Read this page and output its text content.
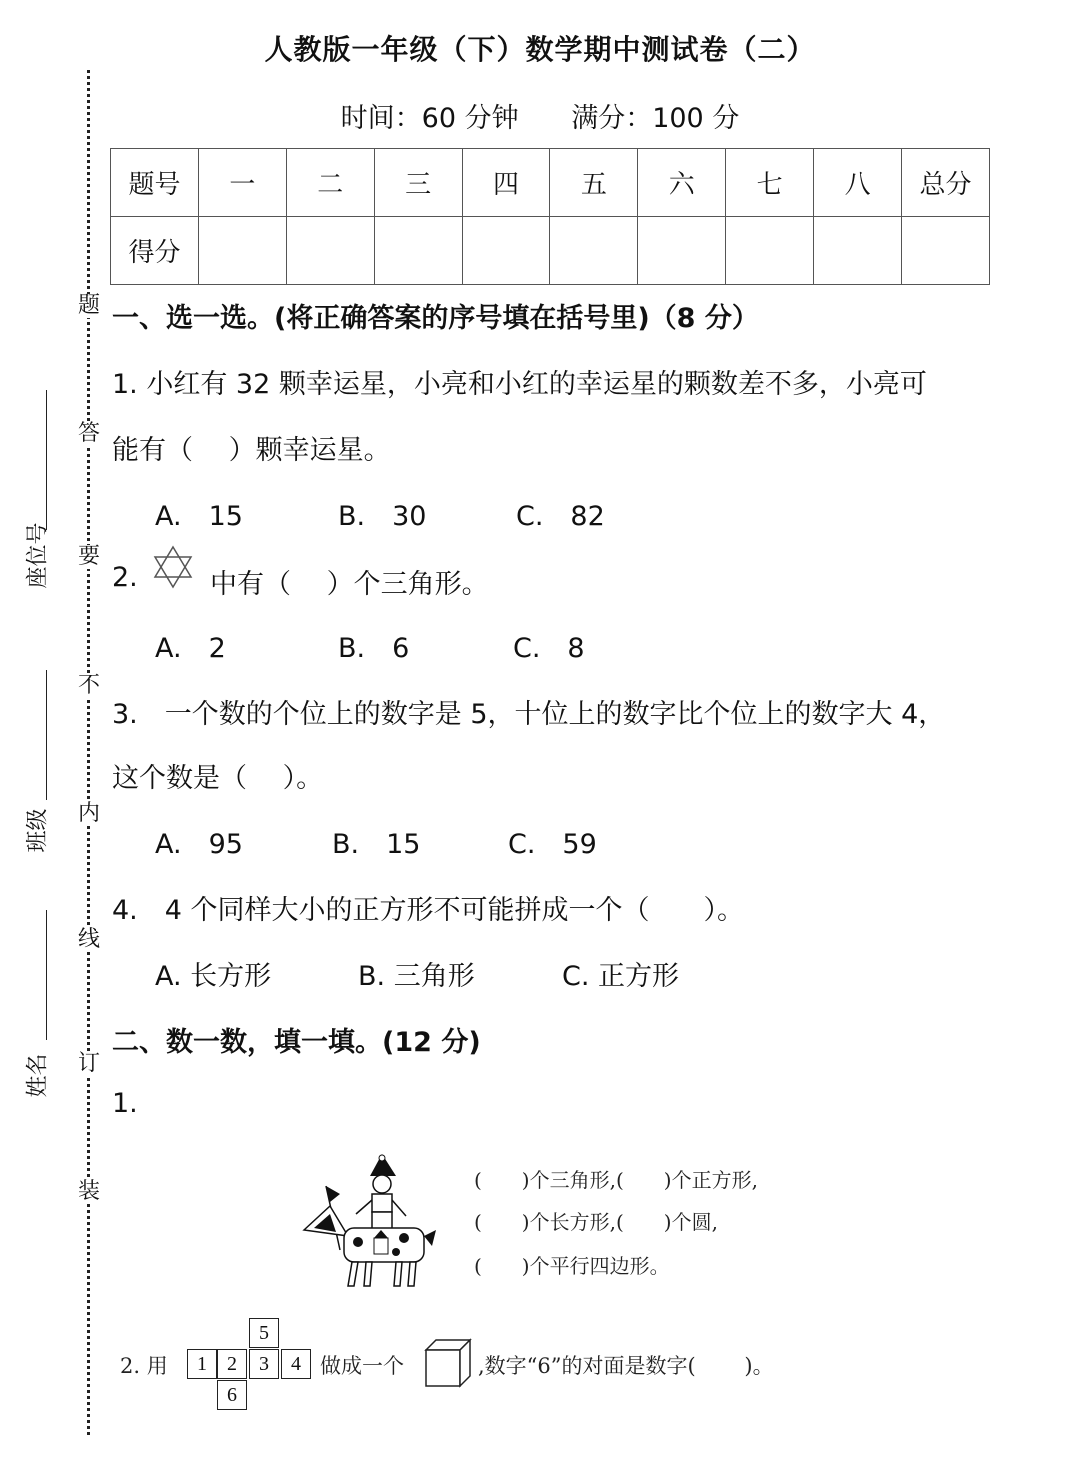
人教版一年级（下）数学期中测试卷（二）
时间：60 分钟 满分：100 分
题号	一	二	三	四	五	六	七	八	总分
得分									
题
答
要
不
内
线
订
装
座位号
班级
姓名
一、选一选。(将正确答案的序号填在括号里)（8 分）
1. 小红有 32 颗幸运星，小亮和小红的幸运星的颗数差不多，小亮可
能有（　 ）颗幸运星。
A.　15	B.　30	C.　82
2.	中有（　 ）个三角形。
A.　2	B.　6	C.　8
3.　一个数的个位上的数字是 5，十位上的数字比个位上的数字大 4，
这个数是（　 ）。
A.　95	B.　15	C.　59
4.　4 个同样大小的正方形不可能拼成一个（　　）。
A. 长方形	B. 三角形	C. 正方形
二、数一数，填一填。(12 分)
1.
(　　)个三角形,(　　)个正方形,
(　　)个长方形,(　　)个圆,
(　　)个平行四边形。
2. 用	1	2	3	4
5
6
做成一个	,数字“6”的对面是数字(　　 )。
